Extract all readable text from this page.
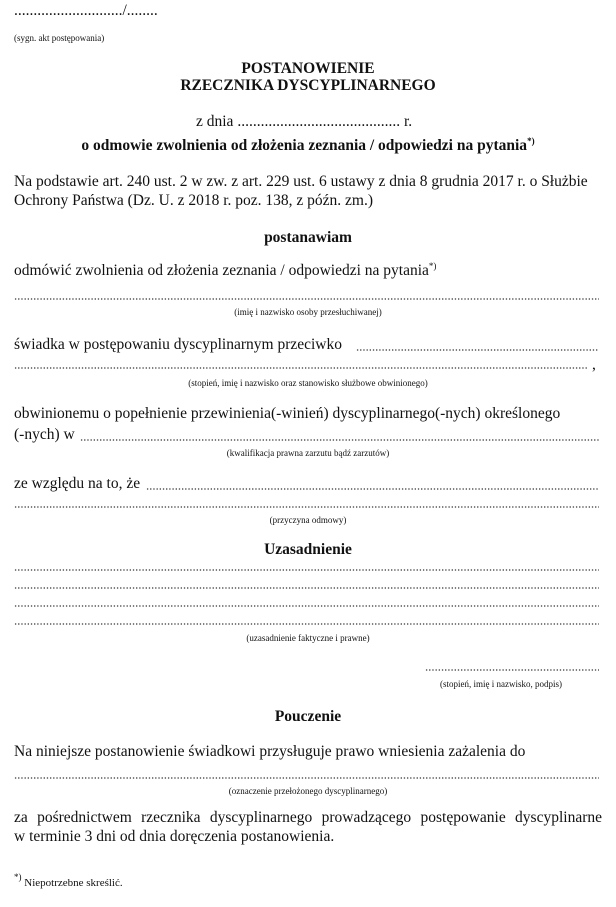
............................/........
(sygn. akt postępowania)
POSTANOWIENIE
RZECZNIKA DYSCYPLINARNEGO
z dnia .......................................... r.
o odmowie zwolnienia od złożenia zeznania / odpowiedzi na pytania*)
Na podstawie art. 240 ust. 2 w zw. z art. 229 ust. 6 ustawy z dnia 8 grudnia 2017 r. o Służbie
Ochrony Państwa (Dz. U. z 2018 r. poz. 138, z późn. zm.)
postanawiam
odmówić zwolnienia od złożenia zeznania / odpowiedzi na pytania*)
(imię i nazwisko osoby przesłuchiwanej)
świadka w postępowaniu dyscyplinarnym przeciwko
,
(stopień, imię i nazwisko oraz stanowisko służbowe obwinionego)
obwinionemu o popełnienie przewinienia(-winień) dyscyplinarnego(-nych) określonego
(-nych) w
(kwalifikacja prawna zarzutu bądź zarzutów)
ze względu na to, że
(przyczyna odmowy)
Uzasadnienie
(uzasadnienie faktyczne i prawne)
(stopień, imię i nazwisko, podpis)
Pouczenie
Na niniejsze postanowienie świadkowi przysługuje prawo wniesienia zażalenia do
(oznaczenie przełożonego dyscyplinarnego)
za pośrednictwem rzecznika dyscyplinarnego prowadzącego postępowanie dyscyplinarne
w terminie 3 dni od dnia doręczenia postanowienia.
*) Niepotrzebne skreślić.
